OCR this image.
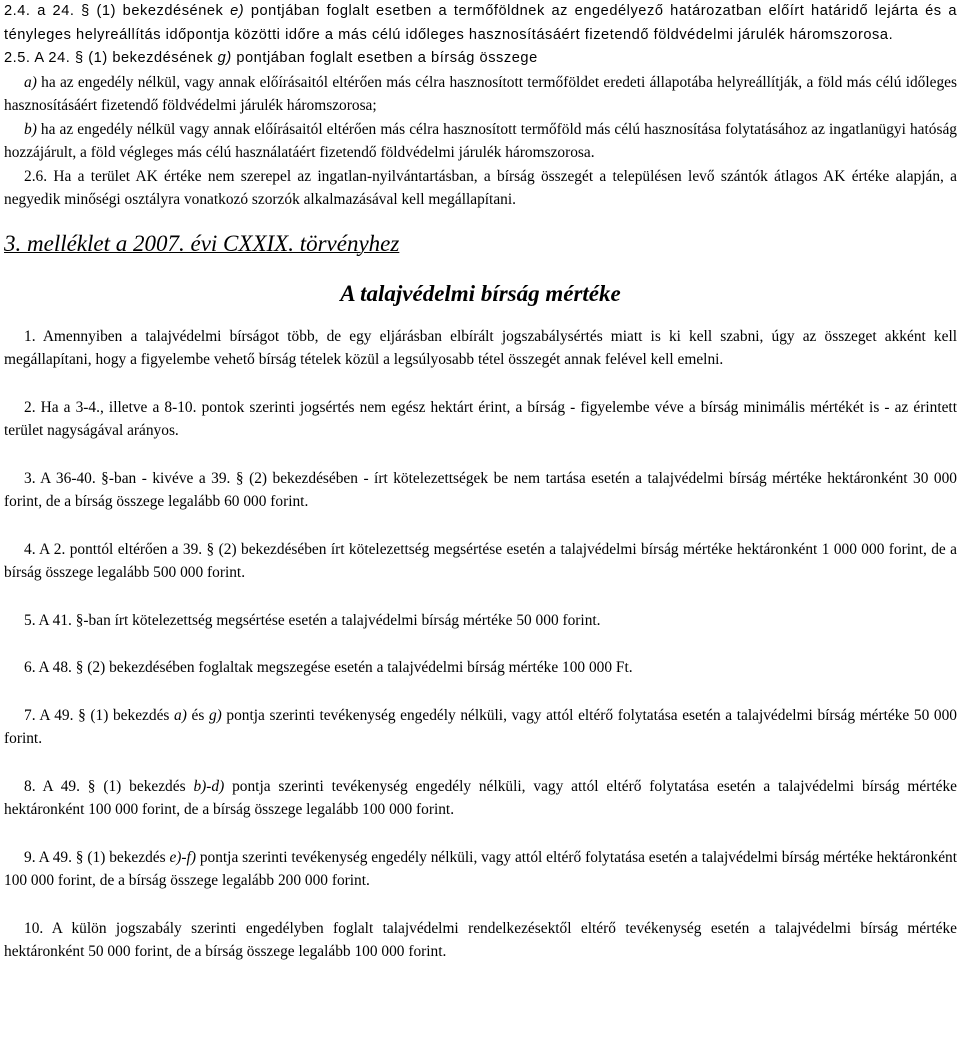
2.4. a 24. § (1) bekezdésének e) pontjában foglalt esetben a termőföldnek az engedélyező határozatban előírt határidő lejárta és a tényleges helyreállítás időpontja közötti időre a más célú időleges hasznosításáért fizetendő földvédelmi járulék háromszorosa.

2.5. A 24. § (1) bekezdésének g) pontjában foglalt esetben a bírság összege

a) ha az engedély nélkül, vagy annak előírásaitól eltérően más célra hasznosított termőföldet eredeti állapotába helyreállítják, a föld más célú időleges hasznosításáért fizetendő földvédelmi járulék háromszorosa;

b) ha az engedély nélkül vagy annak előírásaitól eltérően más célra hasznosított termőföld más célú hasznosítása folytatásához az ingatlanügyi hatóság hozzájárult, a föld végleges más célú használatáért fizetendő földvédelmi járulék háromszorosa.

2.6. Ha a terület AK értéke nem szerepel az ingatlan-nyilvántartásban, a bírság összegét a településen levő szántók átlagos AK értéke alapján, a negyedik minőségi osztályra vonatkozó szorzók alkalmazásával kell megállapítani.

3. melléklet a 2007. évi CXXIX. törvényhez

A talajvédelmi bírság mértéke

1. Amennyiben a talajvédelmi bírságot több, de egy eljárásban elbírált jogszabálysértés miatt is ki kell szabni, úgy az összeget akként kell megállapítani, hogy a figyelembe vehető bírság tételek közül a legsúlyosabb tétel összegét annak felével kell emelni.

2. Ha a 3-4., illetve a 8-10. pontok szerinti jogsértés nem egész hektárt érint, a bírság - figyelembe véve a bírság minimális mértékét is - az érintett terület nagyságával arányos.

3. A 36-40. §-ban - kivéve a 39. § (2) bekezdésében - írt kötelezettségek be nem tartása esetén a talajvédelmi bírság mértéke hektáronként 30 000 forint, de a bírság összege legalább 60 000 forint.

4. A 2. ponttól eltérően a 39. § (2) bekezdésében írt kötelezettség megsértése esetén a talajvédelmi bírság mértéke hektáronként 1 000 000 forint, de a bírság összege legalább 500 000 forint.

5. A 41. §-ban írt kötelezettség megsértése esetén a talajvédelmi bírság mértéke 50 000 forint.

6. A 48. § (2) bekezdésében foglaltak megszegése esetén a talajvédelmi bírság mértéke 100 000 Ft.

7. A 49. § (1) bekezdés a) és g) pontja szerinti tevékenység engedély nélküli, vagy attól eltérő folytatása esetén a talajvédelmi bírság mértéke 50 000 forint.

8. A 49. § (1) bekezdés b)-d) pontja szerinti tevékenység engedély nélküli, vagy attól eltérő folytatása esetén a talajvédelmi bírság mértéke hektáronként 100 000 forint, de a bírság összege legalább 100 000 forint.

9. A 49. § (1) bekezdés e)-f) pontja szerinti tevékenység engedély nélküli, vagy attól eltérő folytatása esetén a talajvédelmi bírság mértéke hektáronként 100 000 forint, de a bírság összege legalább 200 000 forint.

10. A külön jogszabály szerinti engedélyben foglalt talajvédelmi rendelkezésektől eltérő tevékenység esetén a talajvédelmi bírság mértéke hektáronként 50 000 forint, de a bírság összege legalább 100 000 forint.
